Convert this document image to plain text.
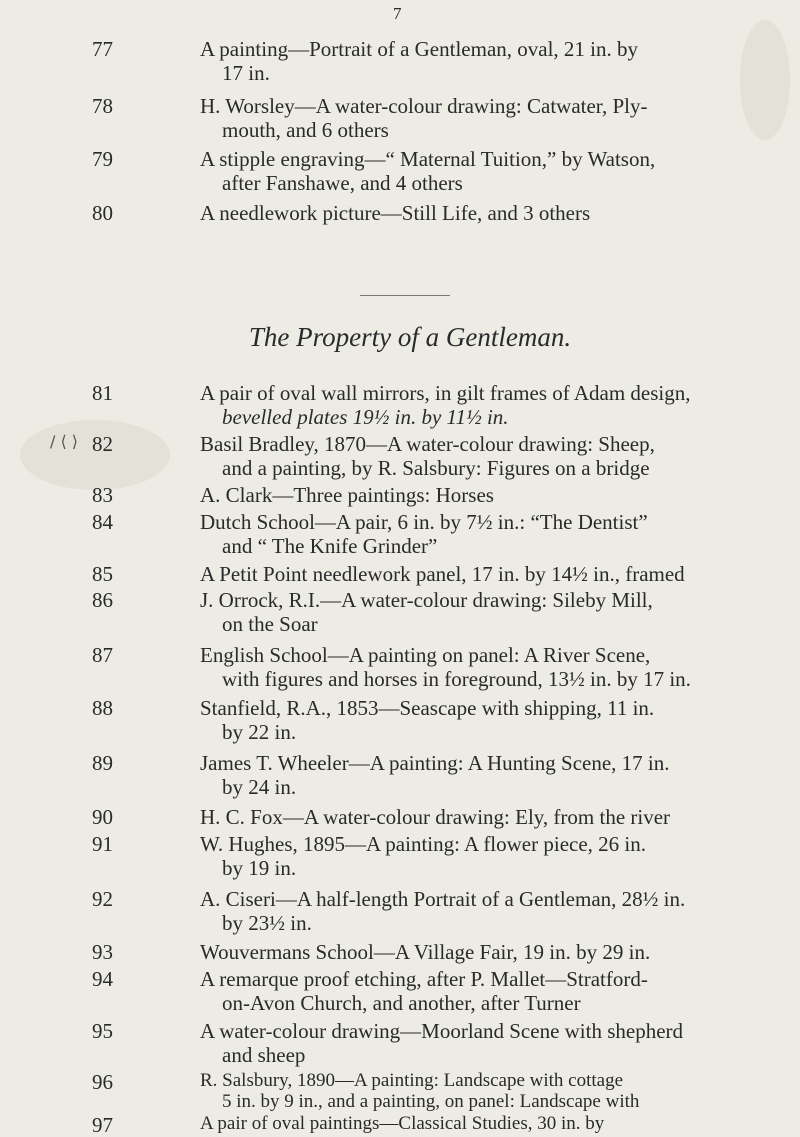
7
∕ ⟨ ⟩
77	A painting—Portrait of a Gentleman, oval, 21 in. by
17 in.
78	H. Worsley—A water-colour drawing: Catwater, Ply-
mouth, and 6 others
79	A stipple engraving—“ Maternal Tuition,” by Watson,
after Fanshawe, and 4 others
80	A needlework picture—Still Life, and 3 others
The Property of a Gentleman.
81	A pair of oval wall mirrors, in gilt frames of Adam design,
bevelled plates 19½ in. by 11½ in.
82	Basil Bradley, 1870—A water-colour drawing: Sheep,
and a painting, by R. Salsbury: Figures on a bridge
83	A. Clark—Three paintings: Horses
84	Dutch School—A pair, 6 in. by 7½ in.: “The Dentist”
and “ The Knife Grinder”
85	A Petit Point needlework panel, 17 in. by 14½ in., framed
86	J. Orrock, R.I.—A water-colour drawing: Sileby Mill,
on the Soar
87	English School—A painting on panel: A River Scene,
with figures and horses in foreground, 13½ in. by 17 in.
88	Stanfield, R.A., 1853—Seascape with shipping, 11 in.
by 22 in.
89	James T. Wheeler—A painting: A Hunting Scene, 17 in.
by 24 in.
90	H. C. Fox—A water-colour drawing: Ely, from the river
91	W. Hughes, 1895—A painting: A flower piece, 26 in.
by 19 in.
92	A. Ciseri—A half-length Portrait of a Gentleman, 28½ in.
by 23½ in.
93	Wouvermans School—A Village Fair, 19 in. by 29 in.
94	A remarque proof etching, after P. Mallet—Stratford-
on-Avon Church, and another, after Turner
95	A water-colour drawing—Moorland Scene with shepherd
and sheep
96	R. Salsbury, 1890—A painting: Landscape with cottage
5 in. by 9 in., and a painting, on panel: Landscape with
97	A pair of oval paintings—Classical Studies, 30 in. by
